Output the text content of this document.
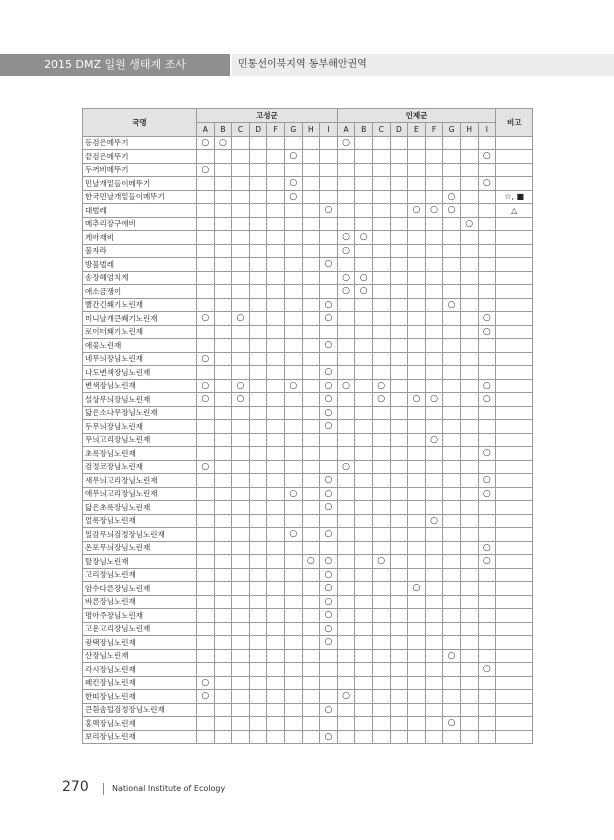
2015 DMZ 일원 생태계 조사	민통선이북지역 동부해안권역
국명	고성군								인제군									비고
	A	B	C	D	F	G	H	I	A	B	C	D	E	F	G	H	I	
등검은메뚜기	○	○							○									
끝검은메뚜기						○											○	
두꺼비메뚜기	○																	
민날개밑들이메뚜기						○											○	
한국민날개밑들이메뚜기						○									○			☆, ■
대벌레								○					○	○	○			△
메추리장구애비																○		
게아재비									○	○								
물자라									○									
방물벌레								○										
송장헤엄치게									○	○								
애소금쟁이									○	○								
빨간긴쐐기노린재								○							○			
미니날개큰쐐기노린재	○		○					○									○	
로이터쐐기노린재																	○	
애꽃노린재								○										
네무늬장님노린재	○																	
나도변색장님노린재								○										
변색장님노린재	○		○			○		○	○		○						○	
설상무늬장님노린재	○		○					○			○		○	○			○	
닮은소나무장님노린재								○										
두무늬장님노린재								○										
무늬고리장님노린재														○				
초록장님노린재																	○	
검정코장님노린재	○								○									
새무늬고리장님노린재								○									○	
애무늬고리장님노린재						○		○									○	
닮은초록장님노린재								○										
얼룩장님노린재														○				
밀감무늬검정장님노린재						○		○										
온포무늬장님노린재																	○	
탈장님노린재							○	○			○						○	
고리장님노린재								○										
암수다른장님노린재								○					○					
바른장님노린재								○										
명아주장님노린재								○										
고운고리장님노린재								○										
광택장님노린재								○										
산장님노린재															○			
각시장님노린재																	○	
페킨장님노린재	○																	
한띠장님노린재	○								○									
큰흰솜털검정장님노린재								○										
홍맥장님노린재															○			
보리장님노린재								○										
270	National Institute of Ecology
